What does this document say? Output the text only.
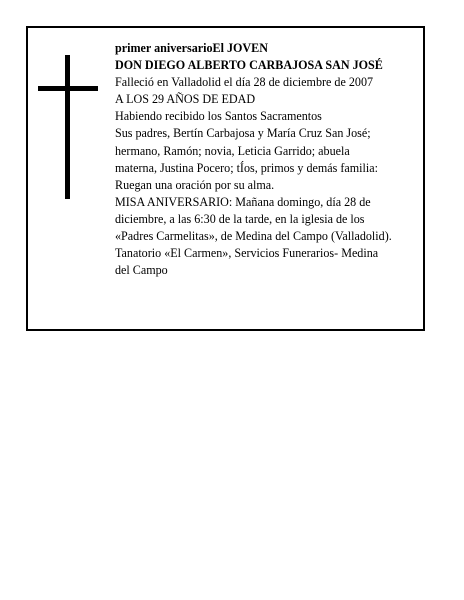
primer aniversarioEl JOVEN
DON DIEGO ALBERTO CARBAJOSA SAN JOSÉ
Falleció en Valladolid el día 28 de diciembre de 2007
A LOS 29 AÑOS DE EDAD
Habiendo recibido los Santos Sacramentos
Sus padres, Bertín Carbajosa y María Cruz San José;
hermano, Ramón; novia, Leticia Garrido; abuela
materna, Justina Pocero; tÍos, primos y demás familia:
Ruegan una oración por su alma.
MISA ANIVERSARIO: Mañana domingo, día 28 de
diciembre, a las 6:30 de la tarde, en la iglesia de los
«Padres Carmelitas», de Medina del Campo (Valladolid).
Tanatorio «El Carmen», Servicios Funerarios- Medina
del Campo
